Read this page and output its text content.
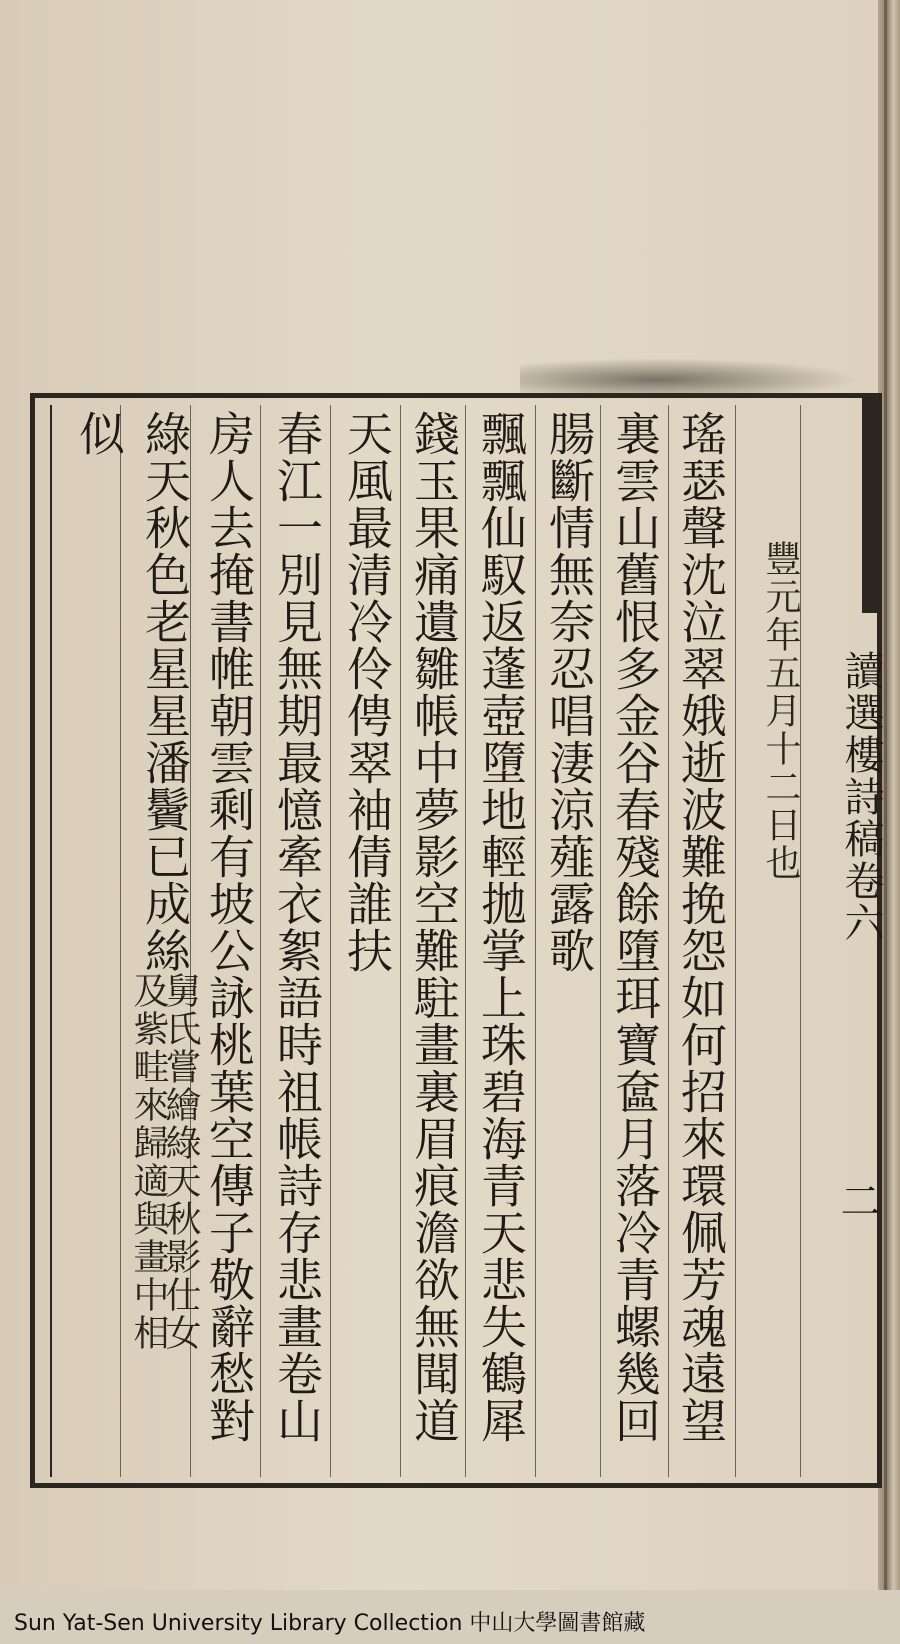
讀選樓詩稿卷六
二
豐元年五月十二日也
瑤瑟聲沈泣翠娥逝波難挽怨如何招來環佩芳魂遠望
裏雲山舊恨多金谷春殘餘墮珥寶奩月落冷青螺幾回
腸斷情無奈忍唱淒涼薤露歌
飄飄仙馭返蓬壺墮地輕拋掌上珠碧海青天悲失鶴犀
錢玉果痛遺雛帳中夢影空難駐畫裏眉痕澹欲無聞道
天風最清冷伶俜翠袖倩誰扶
春江一別見無期最憶牽衣絮語時祖帳詩存悲畫卷山
房人去掩書帷朝雲剩有坡公詠桃葉空傳子敬辭愁對
綠天秋色老星星潘鬢已成絲
舅氏嘗繪綠天秋影仕女
及紫畦來歸適與畫中相
似
Sun Yat-Sen University Library Collection 中山大學圖書館藏
